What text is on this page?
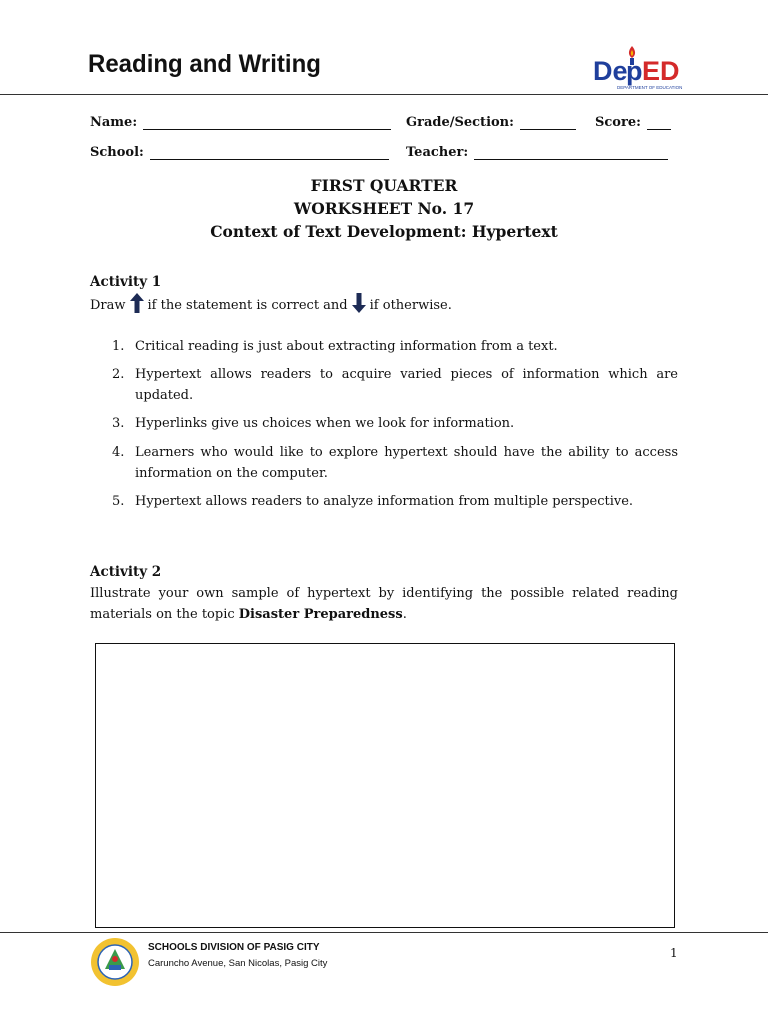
Reading and Writing	De
p ED
DEPARTMENT OF EDUCATION
Name:	Grade/Section:	Score:
School:	Teacher:
FIRST QUARTER
WORKSHEET No. 17
Context of Text Development: Hypertext
Activity 1
Draw if the statement is correct and if otherwise.
1. Critical reading is just about extracting information from a text.
2. Hypertext allows readers to acquire varied pieces of information which are updated.
3. Hyperlinks give us choices when we look for information.
4. Learners who would like to explore hypertext should have the ability to access information on the computer.
5. Hypertext allows readers to analyze information from multiple perspective.
Activity 2
Illustrate your own sample of hypertext by identifying the possible related reading materials on the topic Disaster Preparedness.
SCHOOLS DIVISION OF PASIG CITY
Caruncho Avenue, San Nicolas, Pasig City
1
